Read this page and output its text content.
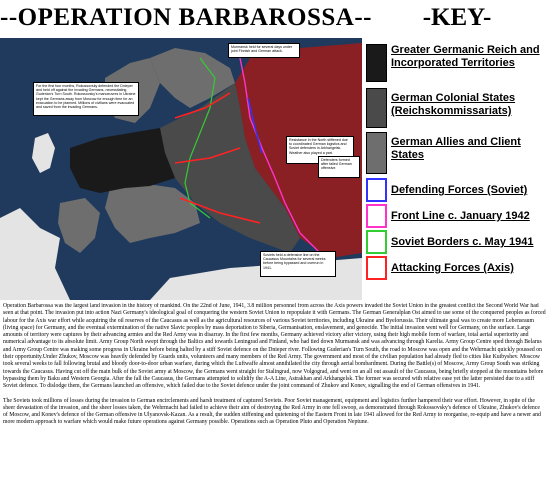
--OPERATION BARBAROSSA--	-KEY-
For the first four months, Rokossovsky defended the Dnieper and held off against the invading Germans, necessitating Guderian's Turn South. Rokossovsky's manoeuvres in Ukraine kept the Germans away from Moscow for enough time for an evacuation to be planned. Millions of civilians were evacuated and saved from the invading Germans.
Murmansk held for several days under joint Finnish and German attack.
Resistance in the North stiffened due to coordinated German logistics and Soviet defenders in Arkhangelsk. Weather also played a part.
Defenders formed after failed German offensive.
Soviets held a defensive line on the Caucasus Mountains for several weeks before being bypassed and overrun in 1941.
Greater Germanic Reich and Incorporated Territories
German Colonial States (Reichskommissariats)
German Allies and Client States
Defending Forces (Soviet)
Front Line c. January 1942
Soviet Borders c. May 1941
Attacking Forces (Axis)

Operation Barbarossa was the largest land invasion in the history of mankind. On the 22nd of June, 1941, 3.8 million personnel from across the Axis powers invaded the Soviet Union in the greatest conflict the Second World War had seen at that point. The invasion put into action Nazi Germany's ideological goal of conquering the western Soviet Union to repopulate it with Germans. The German Generalplan Ost aimed to use some of the conquered peoples as forced labour for the Axis war effort while acquiring the oil reserves of the Caucasus as well as the agricultural resources of various Soviet territories, including Ukraine and Byelorussia. Their ultimate goal was to create more Lebensraum (living space) for Germany, and the eventual extermination of the native Slavic peoples by mass deportation to Siberia, Germanisation, enslavement, and genocide. The initial invasion went well for Germany, on the surface. Large amounts of territory were captures by their advancing armies and the Red Army was in disarray. In the first few months, Germany achieved victory after victory, using their high mobile form of warfare, total aerial superiority and numerical advantage to its absolute limit. Army Group North swept through the Baltics and towards Leningrad and Finland, who had tied down Murmansk and was advancing through Karelia. Army Group Centre sped through Belarus and Army Group Centre was making some progress in Ukraine before being halted by a stiff Soviet defence on the Dnieper river. Following Guderian's Turn South, the road to Moscow was open and the Wehrmacht quickly poussed on their opportunity.Under Zhukov, Moscow was heavily defended by Guards units, volunteers and many members of the Red Army. The government and most of the civilian population had already fled to cities like Kuibyshev. Moscow took several weeks to fall following brutal and bloody door-to-door urban warfare, during which the Luftwaffe almost annihilated the city through aerial bombardment. During the Battle(s) of Moscow, Army Group South was striking towards the Caucasus. Having cut off the main bulk of the Soviet army at Moscow, the Germans went straight for Stalingrad, now Volgograd, and went on an all out assault of the Caucasus, being briefly stopped at the mountains before bypassing them by Baku and Western Georgia. After the fall the Caucasus, the Germans attempted to solidify the A-A Line, Astrakhan and Arkhangelsk. The former was secured with relative ease yet the latter persisted due to a stiff Soviet defence. To dislodge them, the Germans launched an offensive, which failed due to the Soviet defence under the joint command of Zhukov and Konev, signalling the end of German offensives in 1941.

The Soviets took millions of losses during the invasion to German encirclements and harsh treatment of captured Soviets. Poor Soviet management, equipment and logistics further hampered their war effort. However, in spite of the sheer devastation of the invasion, and the sheer losses taken, the Wehrmacht had failed to achieve their aim of destroying the Red Army in one fell swoop, as demonstrated through Rokossovsky's defence of Ukraine, Zhukov's defence of Moscow, and Konev's defence of the German offensive in Ulyanovsk-Kazan. As a result, the sudden stiffening and quietening of the Eastern Front in late 1941 allowed for the Red Army to reorganise, re-equip and have a newer and more modern approach to warfare which would make future operations against Germany possible. Operations such as Operation Pluto and Operation Neptune.
